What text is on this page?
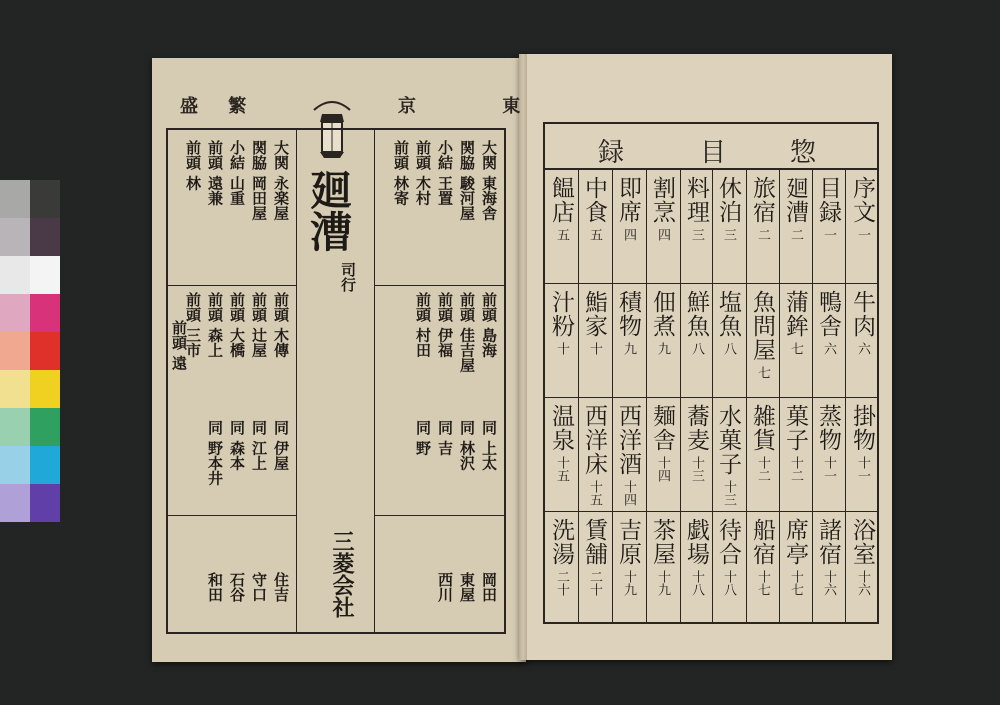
盛 繁	京 東
廻漕
司行
三菱会社
大関 東海舎
関脇 駿河屋
小結 王置
前頭 木村
前頭 林寄
大関 永楽屋
関脇 岡田屋
小結 山重
前頭 遠兼
前頭 林
前頭 島海
前頭 佳吉屋
前頭 伊福
前頭 村田
前頭 木傳
前頭 辻屋
前頭 大橋
前頭 森上
前頭 三市
前頭 遠
同 上太
同 林沢
同 吉
同 野
同 伊屋
同 江上
同 森本
同 野本井
岡田
東屋
西川
住吉
守口
石谷
和田
惣
目
録
序文一
牛肉六
掛物十一
浴室十六
目録一
鴨舎六
蒸物十一
諸宿十六
廻漕二
蒲鉾七
菓子十二
席亭十七
旅宿二
魚問屋七
雑貨十二
船宿十七
休泊三
塩魚八
水菓子十三
待合十八
料理三
鮮魚八
蕎麦十三
戯場十八
割烹四
佃煮九
麺舎十四
茶屋十九
即席四
積物九
西洋酒十四
吉原十九
中食五
鮨家十
西洋床十五
賃舗二十
饂店五
汁粉十
温泉十五
洗湯二十
